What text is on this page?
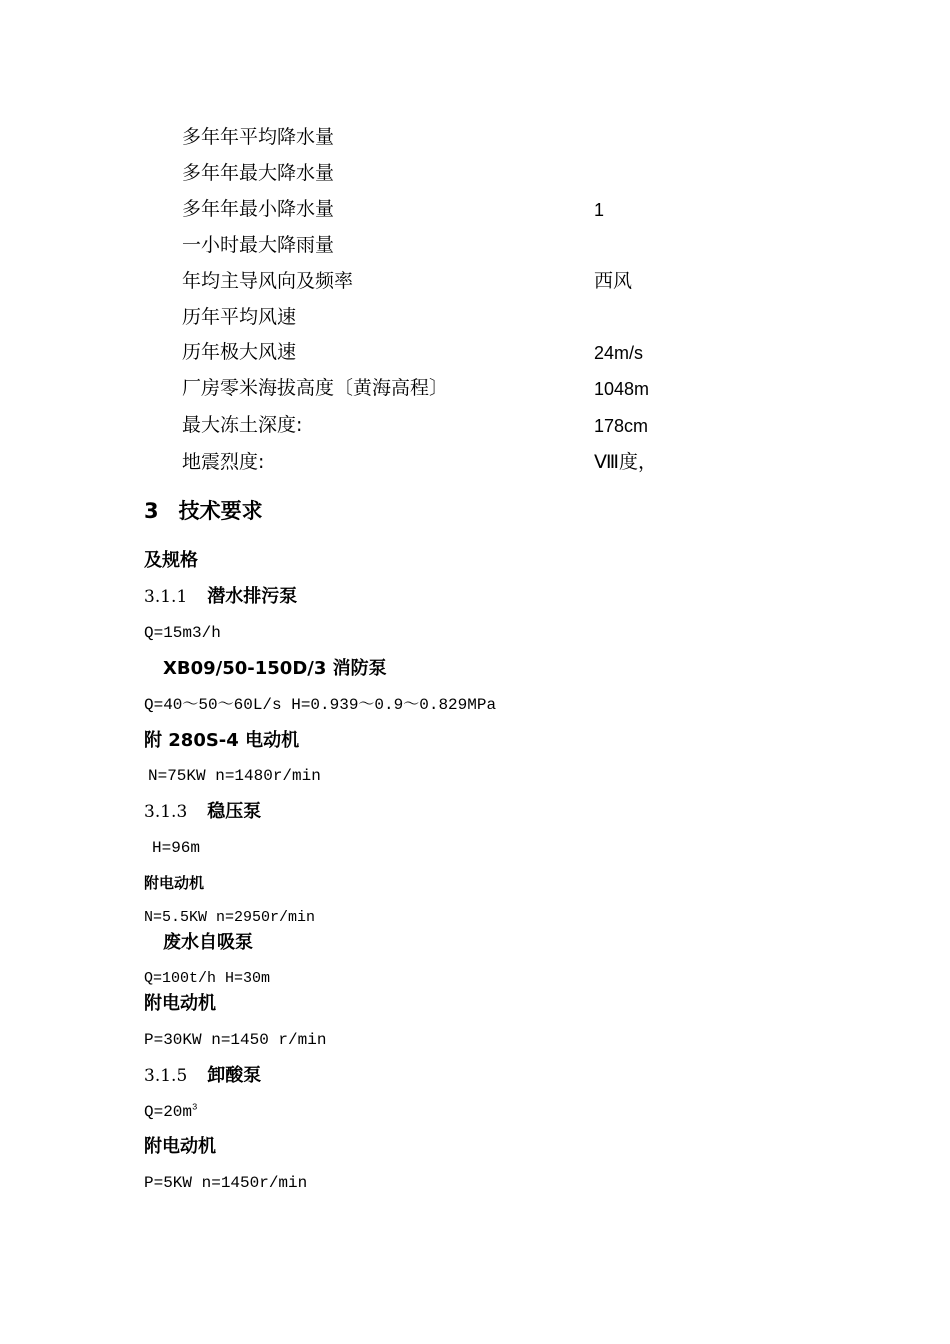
多年年平均降水量
多年年最大降水量
多年年最小降水量	1
一小时最大降雨量
年均主导风向及频率	西风
历年平均风速
历年极大风速	24m/s
厂房零米海拔高度〔黄海高程〕	1048m
最大冻土深度:	178cm
地震烈度:	Ⅷ度，
3 技术要求
及规格
3.1.1 潜水排污泵
Q=15m3/h
XB09/50-150D/3 消防泵
Q=40～50～60L/s H=0.939～0.9～0.829MPa
附 280S-4 电动机
N=75KW n=1480r/min
3.1.3 稳压泵
H=96m
附电动机
N=5.5KW n=2950r/min
废水自吸泵
Q=100t/h H=30m
附电动机
P=30KW n=1450 r/min
3.1.5 卸酸泵
$Q=20m^3$
附电动机
P=5KW n=1450r/min
